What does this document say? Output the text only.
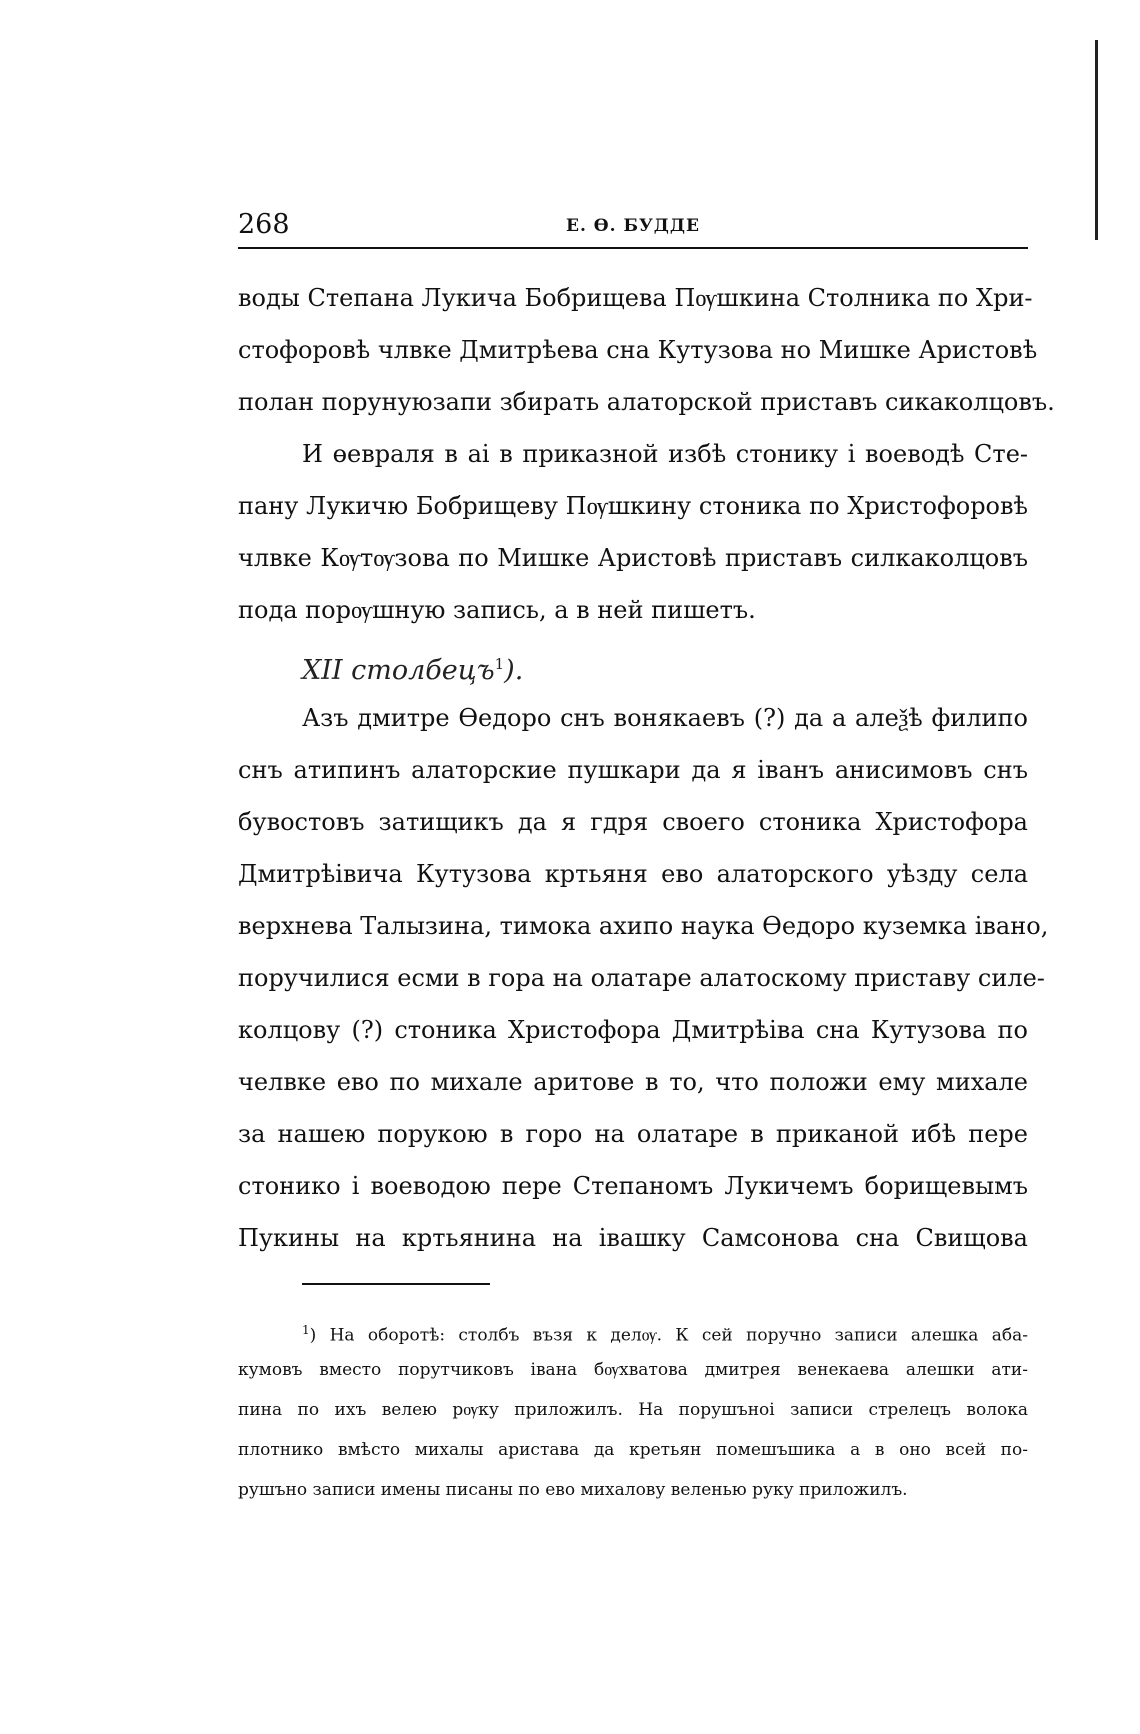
268	Е. Ө. БУДДЕ
воды Степана Лукича Бобрищева Пѹшкина Столника по Хри-
стофоровѣ члвке Дмитрѣева сна Кутузова но Мишке Аристовѣ
полан порунуюзапи збирать алаторской приставъ сикаколцовъ.
И өевраля в аі в приказной избѣ стонику і воеводѣ Сте-
пану Лукичю Бобрищеву Пѹшкину стоника по Христофоровѣ
члвке Кѹтѹзова по Мишке Аристовѣ приставъ силкаколцовъ
пода порѹшную запись, а в ней пишетъ.
XII столбецъ$^1$).
Азъ дмитре Өедоро снъ вонякаевъ (?) да а алеѯѣ филипо
снъ атипинъ алаторские пушкари да я іванъ анисимовъ снъ
бувостовъ затищикъ да я гдря своего стоника Христофора
Дмитрѣівича Кутузова кртьяня ево алаторского уѣзду села
верхнева Талызина, тимока ахипо наука Өедоро куземка івано,
поручилися есми в гора на олатаре алатоскому приставу силе-
колцову (?) стоника Христофора Дмитрѣіва сна Кутузова по
челвке ево по михале аритове в то, что положи ему михале
за нашею порукою в горо на олатаре в приканой ибѣ пере
стонико і воеводою пере Степаномъ Лукичемъ борищевымъ
Пукины на кртьянина на івашку Самсонова сна Свищова
$^1$) На оборотѣ: столбъ възя к делѹ. К сей поручно записи алешка аба-
кумовъ вместо порутчиковъ івана бѹхватова дмитрея венекаева алешки ати-
пина по ихъ велею рѹку приложилъ. На порушъноі записи стрелецъ волока
плотнико вмѣсто михалы аристава да кретьян помешъшика а в оно всей по-
рушъно записи имены писаны по ево михалову веленью руку приложилъ.
